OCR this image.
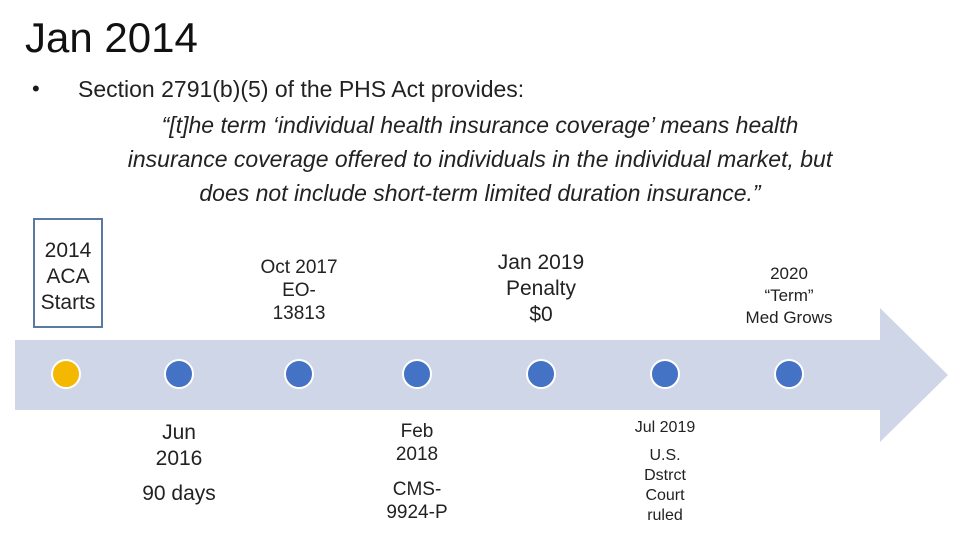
Jan 2014
• Section 2791(b)(5) of the PHS Act provides:
“[t]he term ‘individual health insurance coverage’ means health
insurance coverage offered to individuals in the individual market, but
does not include short-term limited duration insurance.”
2014
ACA
Starts
Jun
2016
90 days
Oct 2017
EO-
13813
Feb
2018
CMS-
9924-P
Jan 2019
Penalty
$0
Jul 2019
U.S.
Dstrct
Court
ruled
2020
“Term”
Med Grows
